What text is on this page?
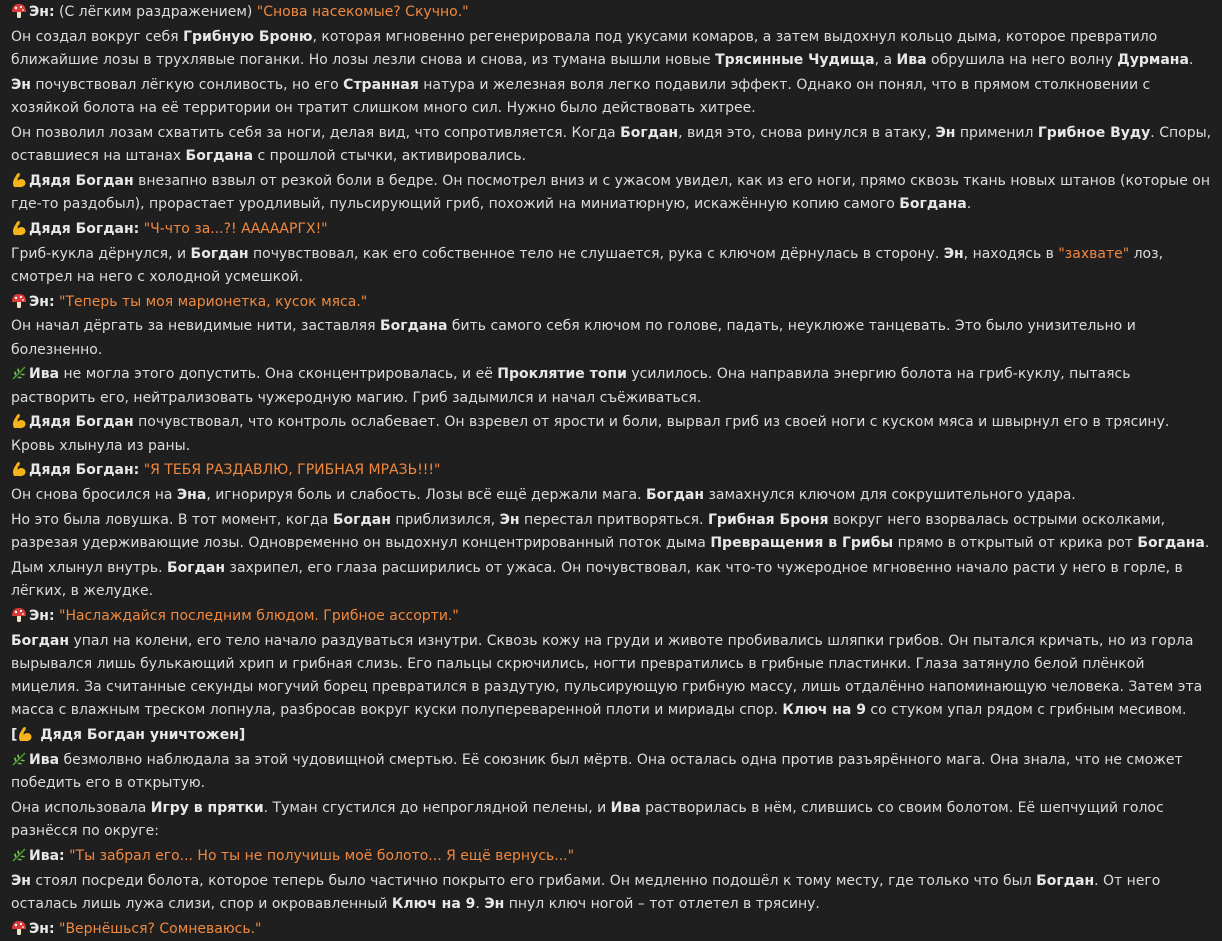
Эн: (С лёгким раздражением) "Снова насекомые? Скучно."
Он создал вокруг себя Грибную Броню, которая мгновенно регенерировала под укусами комаров, а затем выдохнул кольцо дыма, которое превратило ближайшие лозы в трухлявые поганки. Но лозы лезли снова и снова, из тумана вышли новые Трясинные Чудища, а Ива обрушила на него волну Дурмана.
Эн почувствовал лёгкую сонливость, но его Странная натура и железная воля легко подавили эффект. Однако он понял, что в прямом столкновении с хозяйкой болота на её территории он тратит слишком много сил. Нужно было действовать хитрее.
Он позволил лозам схватить себя за ноги, делая вид, что сопротивляется. Когда Богдан, видя это, снова ринулся в атаку, Эн применил Грибное Вуду. Споры, оставшиеся на штанах Богдана с прошлой стычки, активировались.
Дядя Богдан внезапно взвыл от резкой боли в бедре. Он посмотрел вниз и с ужасом увидел, как из его ноги, прямо сквозь ткань новых штанов (которые он где-то раздобыл), прорастает уродливый, пульсирующий гриб, похожий на миниатюрную, искажённую копию самого Богдана.
Дядя Богдан: "Ч-что за...?! АААААРГХ!"
Гриб-кукла дёрнулся, и Богдан почувствовал, как его собственное тело не слушается, рука с ключом дёрнулась в сторону. Эн, находясь в "захвате" лоз, смотрел на него с холодной усмешкой.
Эн: "Теперь ты моя марионетка, кусок мяса."
Он начал дёргать за невидимые нити, заставляя Богдана бить самого себя ключом по голове, падать, неуклюже танцевать. Это было унизительно и болезненно.
Ива не могла этого допустить. Она сконцентрировалась, и её Проклятие топи усилилось. Она направила энергию болота на гриб-куклу, пытаясь растворить его, нейтрализовать чужеродную магию. Гриб задымился и начал съёживаться.
Дядя Богдан почувствовал, что контроль ослабевает. Он взревел от ярости и боли, вырвал гриб из своей ноги с куском мяса и швырнул его в трясину. Кровь хлынула из раны.
Дядя Богдан: "Я ТЕБЯ РАЗДАВЛЮ, ГРИБНАЯ МРАЗЬ!!!"
Он снова бросился на Эна, игнорируя боль и слабость. Лозы всё ещё держали мага. Богдан замахнулся ключом для сокрушительного удара.
Но это была ловушка. В тот момент, когда Богдан приблизился, Эн перестал притворяться. Грибная Броня вокруг него взорвалась острыми осколками, разрезая удерживающие лозы. Одновременно он выдохнул концентрированный поток дыма Превращения в Грибы прямо в открытый от крика рот Богдана.
Дым хлынул внутрь. Богдан захрипел, его глаза расширились от ужаса. Он почувствовал, как что-то чужеродное мгновенно начало расти у него в горле, в лёгких, в желудке.
Эн: "Наслаждайся последним блюдом. Грибное ассорти."
Богдан упал на колени, его тело начало раздуваться изнутри. Сквозь кожу на груди и животе пробивались шляпки грибов. Он пытался кричать, но из горла вырывался лишь булькающий хрип и грибная слизь. Его пальцы скрючились, ногти превратились в грибные пластинки. Глаза затянуло белой плёнкой мицелия. За считанные секунды могучий борец превратился в раздутую, пульсирующую грибную массу, лишь отдалённо напоминающую человека. Затем эта масса с влажным треском лопнула, разбросав вокруг куски полупереваренной плоти и мириады спор. Ключ на 9 со стуком упал рядом с грибным месивом.
[ Дядя Богдан уничтожен]
Ива безмолвно наблюдала за этой чудовищной смертью. Её союзник был мёртв. Она осталась одна против разъярённого мага. Она знала, что не сможет победить его в открытую.
Она использовала Игру в прятки. Туман сгустился до непроглядной пелены, и Ива растворилась в нём, слившись со своим болотом. Её шепчущий голос разнёсся по округе:
Ива: "Ты забрал его... Но ты не получишь моё болото... Я ещё вернусь..."
Эн стоял посреди болота, которое теперь было частично покрыто его грибами. Он медленно подошёл к тому месту, где только что был Богдан. От него осталась лишь лужа слизи, спор и окровавленный Ключ на 9. Эн пнул ключ ногой – тот отлетел в трясину.
Эн: "Вернёшься? Сомневаюсь."
